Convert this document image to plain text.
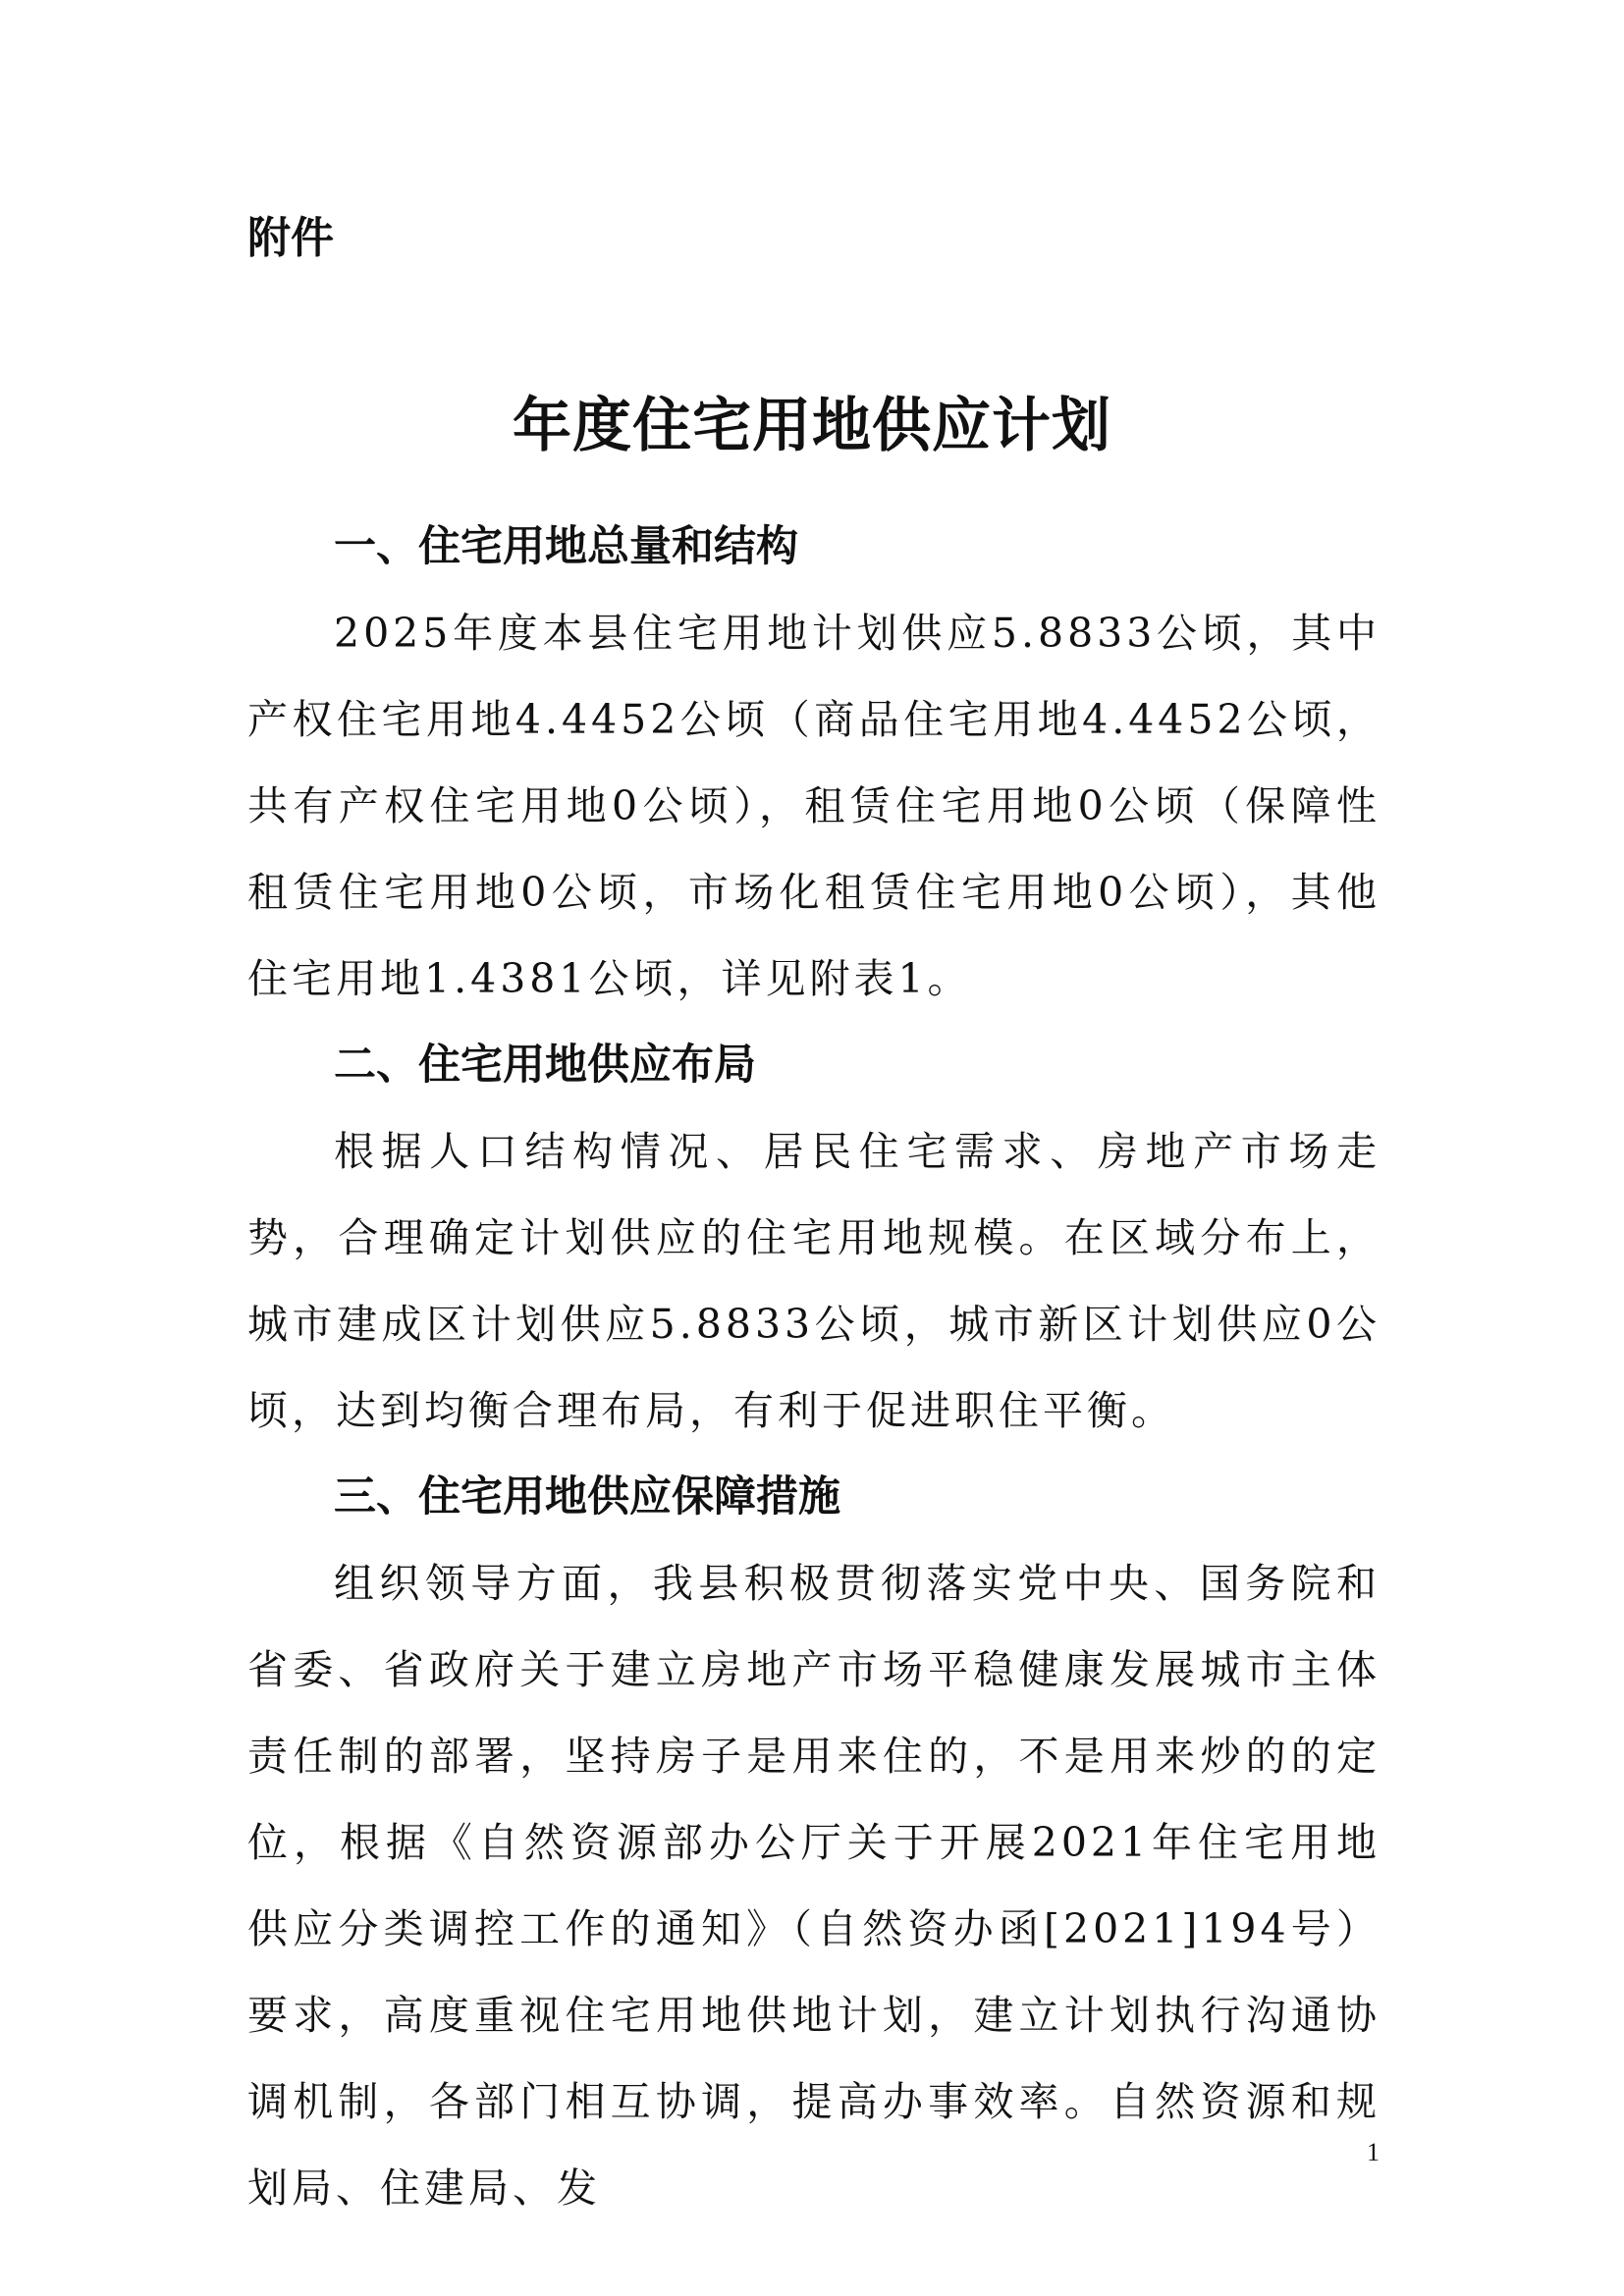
附件
年度住宅用地供应计划
一、住宅用地总量和结构

2025年度本县住宅用地计划供应5.8833公顷，其中产权住宅用地4.4452公顷（商品住宅用地4.4452公顷，共有产权住宅用地0公顷），租赁住宅用地0公顷（保障性租赁住宅用地0公顷，市场化租赁住宅用地0公顷），其他住宅用地1.4381公顷，详见附表1。

二、住宅用地供应布局

根据人口结构情况、居民住宅需求、房地产市场走势，合理确定计划供应的住宅用地规模。在区域分布上，城市建成区计划供应5.8833公顷，城市新区计划供应0公顷，达到均衡合理布局，有利于促进职住平衡。

三、住宅用地供应保障措施

组织领导方面，我县积极贯彻落实党中央、国务院和省委、省政府关于建立房地产市场平稳健康发展城市主体责任制的部署，坚持房子是用来住的，不是用来炒的的定位，根据《自然资源部办公厅关于开展2021年住宅用地供应分类调控工作的通知》（自然资办函[2021]194号）要求，高度重视住宅用地供地计划，建立计划执行沟通协调机制，各部门相互协调，提高办事效率。自然资源和规划局、住建局、发

1
